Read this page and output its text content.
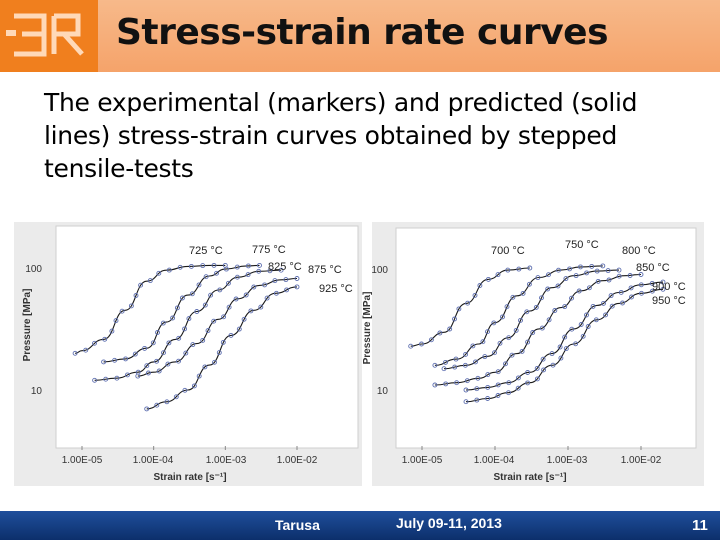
Stress-strain rate curves
The experimental (markers) and predicted (solid lines) stress-strain curves obtained by stepped tensile-tests
100
10
1.00E-05	1.00E-04	1.00E-03	1.00E-02
Strain rate [s⁻¹]
Pressure [MPa]
725 °C	775 °C
825 °C 875 °C
925 °C
100
10
1.00E-05	1.00E-04	1.00E-03	1.00E-02
Strain rate [s⁻¹]
Pressure [MPa]
700 °C	750 °C 800 °C
850 °C
900 °C
950 °C
Tarusa	July 09-11, 2013	11
